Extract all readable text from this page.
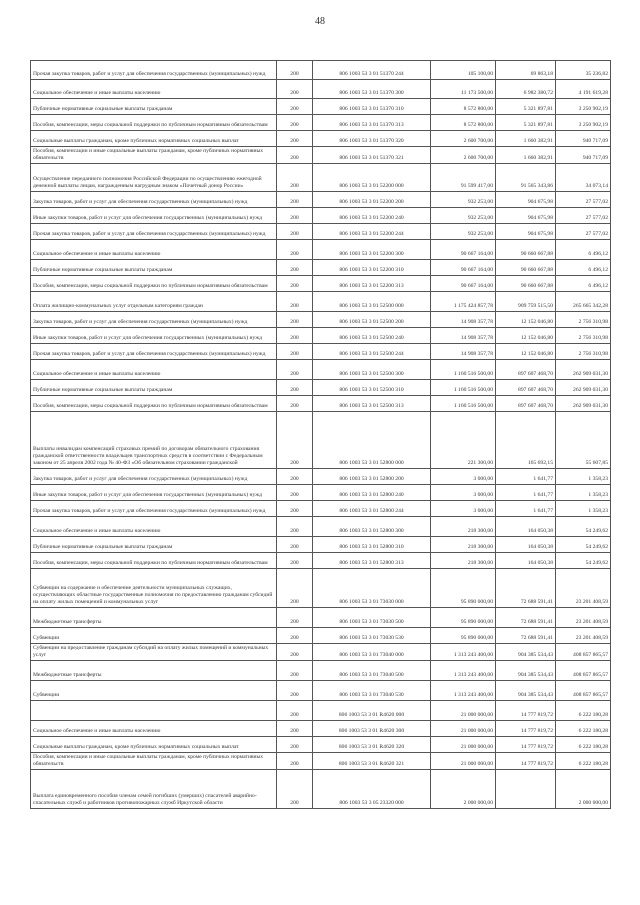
48
Прочая закупка товаров, работ и услуг для обеспечения государственных (муниципальных) нужд	200	806 1003 53 3 01 51370 244	105 100,00	69 863,18	35 236,82
Социальное обеспечение и иные выплаты населению	200	806 1003 53 3 01 51370 300	11 173 500,00	6 982 380,72	4 191 619,28
Публичные нормативные социальные выплаты гражданам	200	806 1003 53 3 01 51370 310	8 572 800,00	5 321 897,81	3 250 902,19
Пособия, компенсации, меры социальной поддержки по публичным нормативным обязательствам	200	806 1003 53 3 01 51370 313	8 572 800,00	5 321 897,81	3 250 902,19
Социальные выплаты гражданам, кроме публичных нормативных социальных выплат	200	806 1003 53 3 01 51370 320	2 600 700,00	1 660 382,91	940 717,09
Пособия, компенсации и иные социальные выплаты гражданам, кроме публичных нормативных обязательств	200	806 1003 53 3 01 51370 321	2 600 700,00	1 660 382,91	940 717,09
Осуществление переданного полномочия Российской Федерации по осуществлению ежегодной денежной выплаты лицам, награжденным нагрудным знаком «Почетный донор России»	200	806 1003 53 3 01 52200 000	91 599 417,00	91 565 343,86	34 073,14
Закупка товаров, работ и услуг для обеспечения государственных (муниципальных) нужд	200	806 1003 53 3 01 52200 200	932 253,00	904 675,98	27 577,02
Иные закупки товаров, работ и услуг для обеспечения государственных (муниципальных) нужд	200	806 1003 53 3 01 52200 240	932 253,00	904 675,98	27 577,02
Прочая закупка товаров, работ и услуг для обеспечения государственных (муниципальных) нужд	200	806 1003 53 3 01 52200 244	932 253,00	904 675,98	27 577,02
Социальное обеспечение и иные выплаты населению	200	806 1003 53 3 01 52200 300	90 667 164,00	90 660 667,88	6 496,12
Публичные нормативные социальные выплаты гражданам	200	806 1003 53 3 01 52200 310	90 667 164,00	90 660 667,88	6 496,12
Пособия, компенсации, меры социальной поддержки по публичным нормативным обязательствам	200	806 1003 53 3 01 52200 313	90 667 164,00	90 660 667,88	6 496,12
Оплата жилищно-коммунальных услуг отдельным категориям граждан	200	806 1003 53 3 01 52500 000	1 175 424 857,78	909 759 515,50	265 665 342,28
Закупка товаров, работ и услуг для обеспечения государственных (муниципальных) нужд	200	806 1003 53 3 01 52500 200	14 908 357,78	12 152 046,80	2 756 310,98
Иные закупки товаров, работ и услуг для обеспечения государственных (муниципальных) нужд	200	806 1003 53 3 01 52500 240	14 908 357,78	12 152 046,80	2 756 310,98
Прочая закупка товаров, работ и услуг для обеспечения государственных (муниципальных) нужд	200	806 1003 53 3 01 52500 244	14 908 357,78	12 152 046,80	2 756 310,98
Социальное обеспечение и иные выплаты населению	200	806 1003 53 3 01 52500 300	1 160 516 500,00	897 607 468,70	262 909 031,30
Публичные нормативные социальные выплаты гражданам	200	806 1003 53 3 01 52500 310	1 160 516 500,00	897 607 468,70	262 909 031,30
Пособия, компенсации, меры социальной поддержки по публичным нормативным обязательствам	200	806 1003 53 3 01 52500 313	1 160 516 500,00	897 607 468,70	262 909 031,30
Выплаты инвалидам компенсаций страховых премий по договорам обязательного страхования гражданской ответственности владельцев транспортных средств в соответствии с Федеральным законом от 25 апреля 2002 года № 40-ФЗ «Об обязательном страховании гражданской	200	806 1003 53 3 01 52800 000	221 300,00	165 692,15	55 607,85
Закупка товаров, работ и услуг для обеспечения государственных (муниципальных) нужд	200	806 1003 53 3 01 52800 200	3 000,00	1 641,77	1 358,23
Иные закупки товаров, работ и услуг для обеспечения государственных (муниципальных) нужд	200	806 1003 53 3 01 52800 240	3 000,00	1 641,77	1 358,23
Прочая закупка товаров, работ и услуг для обеспечения государственных (муниципальных) нужд	200	806 1003 53 3 01 52800 244	3 000,00	1 641,77	1 358,23
Социальное обеспечение и иные выплаты населению	200	806 1003 53 3 01 52800 300	218 300,00	164 050,38	54 249,62
Публичные нормативные социальные выплаты гражданам	200	806 1003 53 3 01 52800 310	218 300,00	164 050,38	54 249,62
Пособия, компенсации, меры социальной поддержки по публичным нормативным обязательствам	200	806 1003 53 3 01 52800 313	218 300,00	164 050,38	54 249,62
Субвенции на содержание и обеспечение деятельности муниципальных служащих, осуществляющих областные государственные полномочия по предоставлению гражданам субсидий на оплату жилых помещений и коммунальных услуг	200	806 1003 53 3 01 73030 000	95 890 000,00	72 688 591,41	23 201 408,59
Межбюджетные трансферты	200	806 1003 53 3 01 73030 500	95 890 000,00	72 688 591,41	23 201 408,59
Субвенции	200	806 1003 53 3 01 73030 530	95 890 000,00	72 688 591,41	23 201 408,59
Субвенции на предоставление гражданам субсидий на оплату жилых помещений и коммунальных услуг	200	806 1003 53 3 01 73040 000	1 313 243 400,00	904 385 534,43	408 857 865,57
Межбюджетные трансферты	200	806 1003 53 3 01 73040 500	1 313 243 400,00	904 385 534,43	408 857 865,57
Субвенции	200	806 1003 53 3 01 73040 530	1 313 243 400,00	904 385 534,43	408 857 865,57
	200	806 1003 53 3 01 R4620 000	21 000 000,00	14 777 819,72	6 222 180,28
Социальное обеспечение и иные выплаты населению	200	806 1003 53 3 01 R4620 300	21 000 000,00	14 777 819,72	6 222 180,28
Социальные выплаты гражданам, кроме публичных нормативных социальных выплат	200	806 1003 53 3 01 R4620 320	21 000 000,00	14 777 819,72	6 222 180,28
Пособия, компенсации и иные социальные выплаты гражданам, кроме публичных нормативных обязательств	200	806 1003 53 3 01 R4620 321	21 000 000,00	14 777 819,72	6 222 180,28
Выплата единовременного пособия членам семей погибших (умерших) спасателей аварийно-спасательных служб и работников противопожарных служб Иркутской области	200	806 1003 53 3 05 23320 000	2 000 000,00		2 000 000,00
